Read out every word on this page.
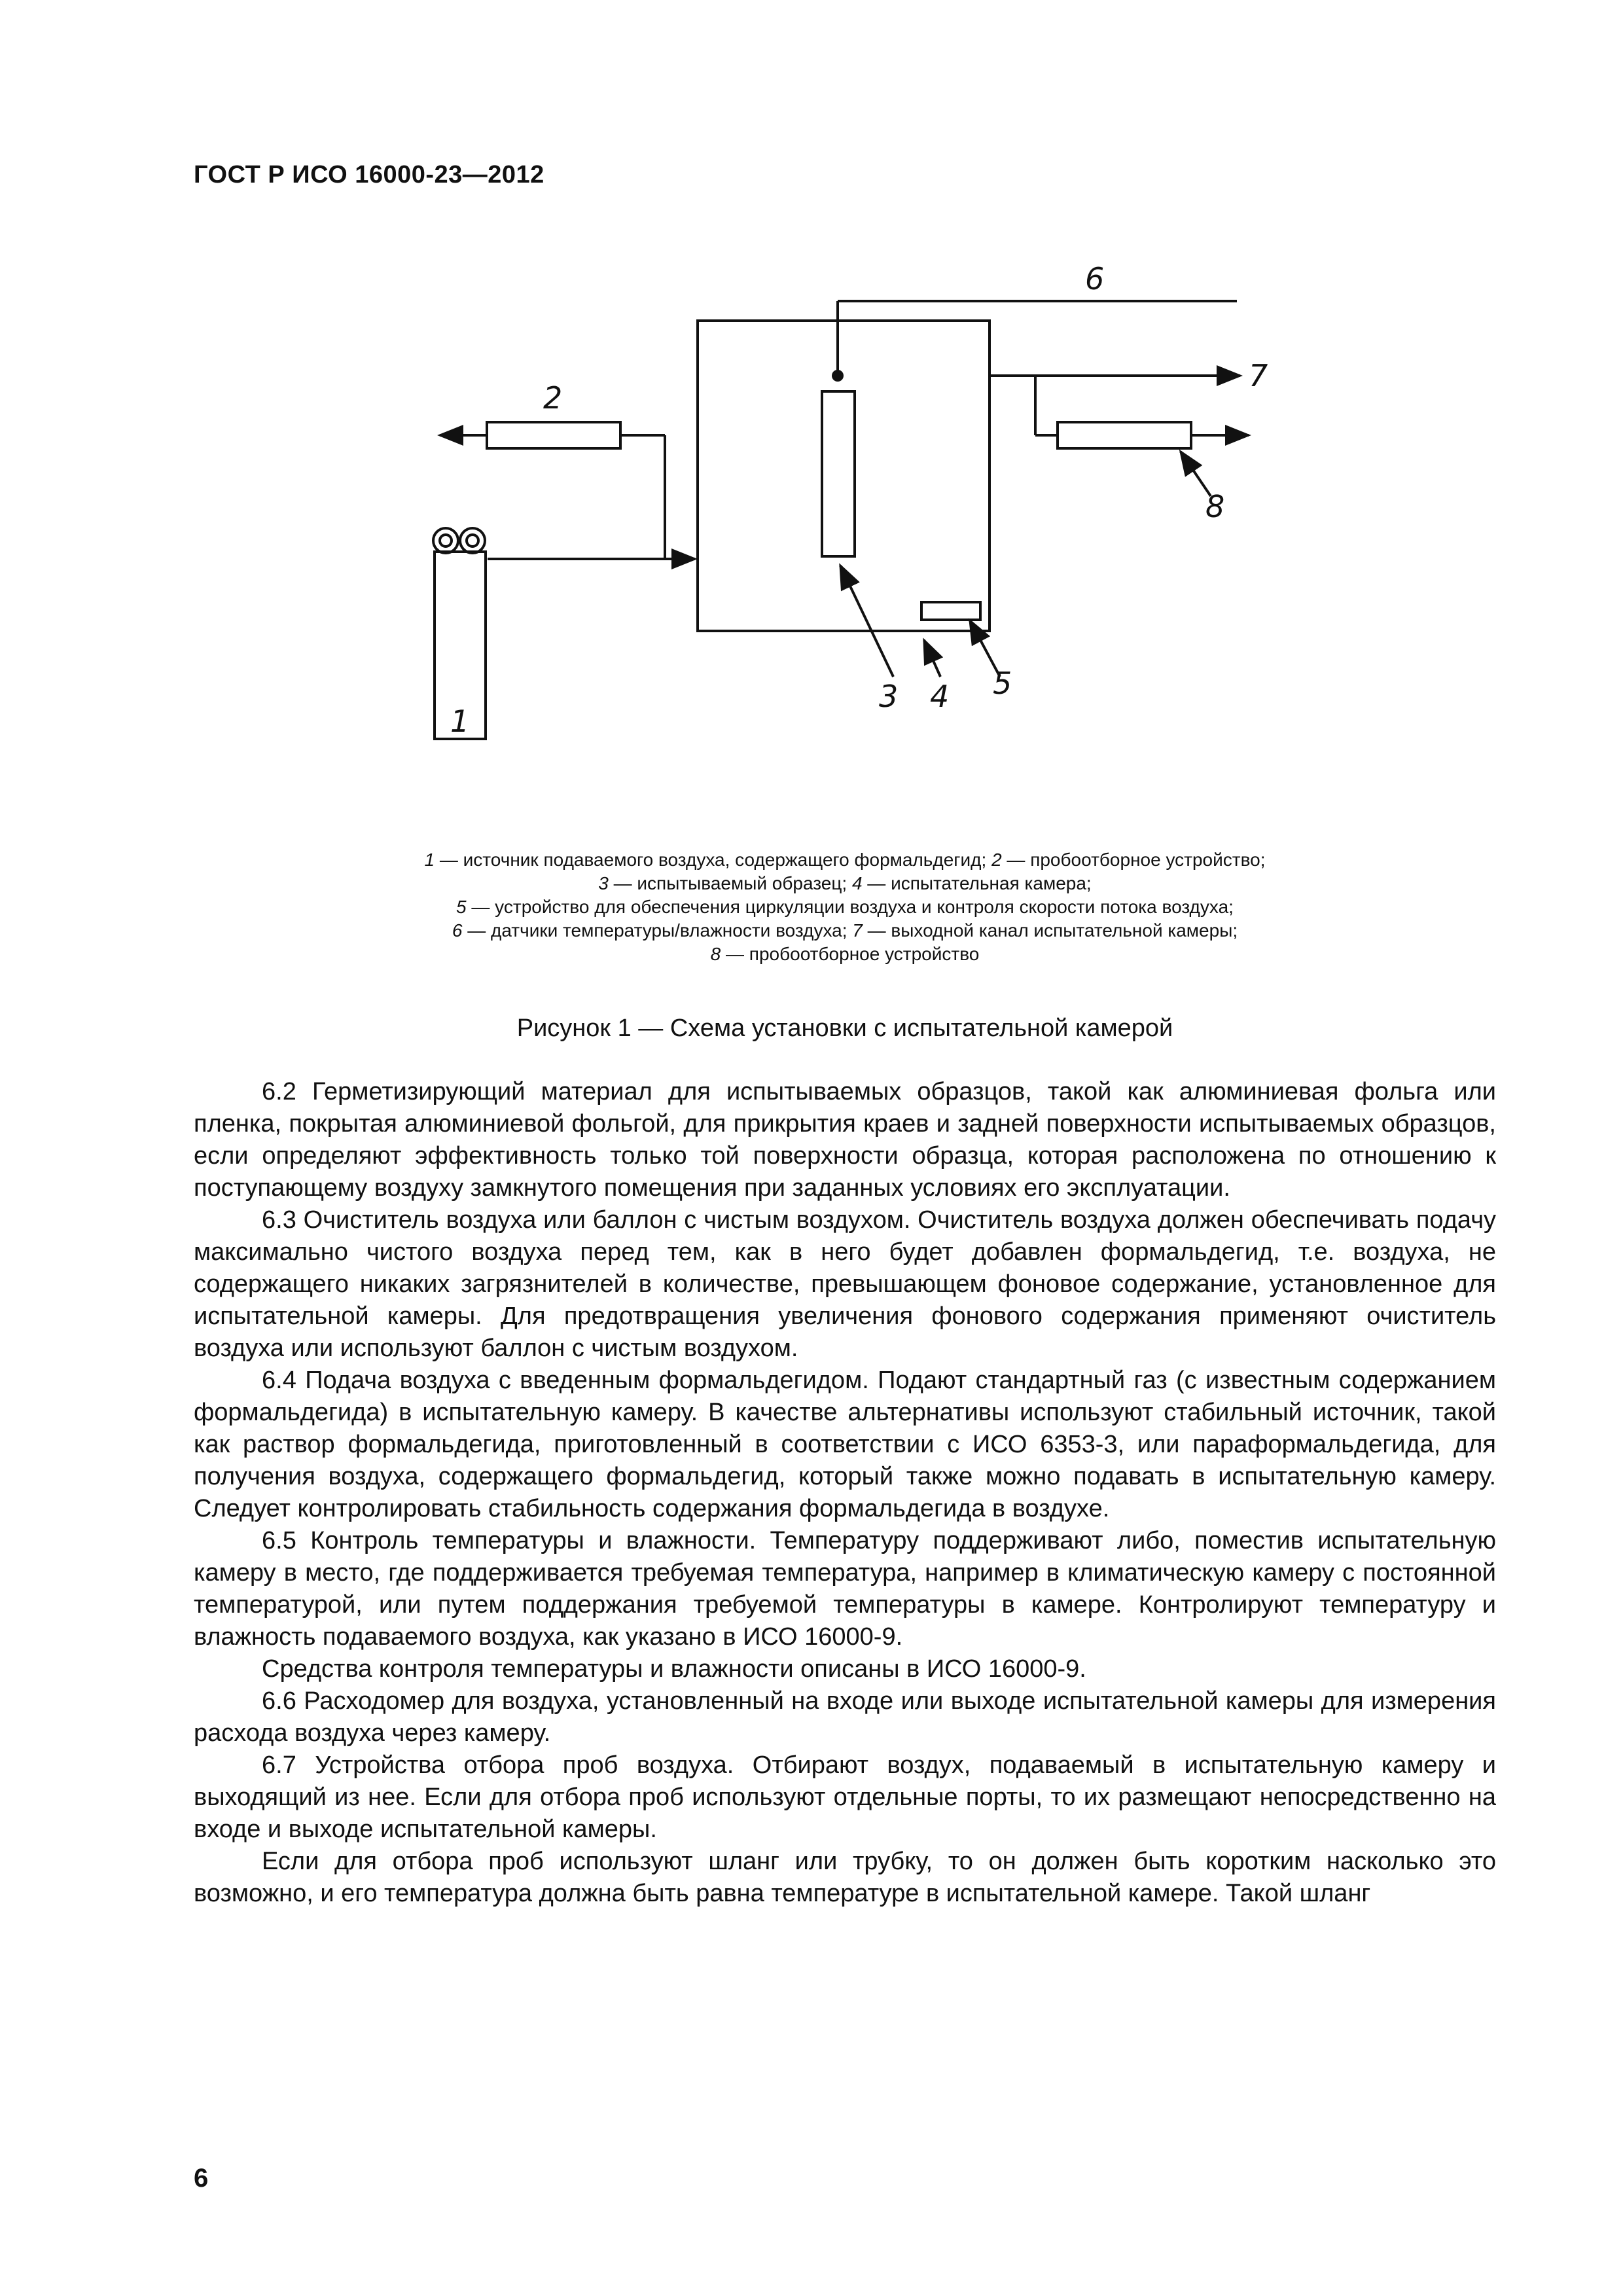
ГОСТ Р ИСО 16000-23—2012
6
7
2
8
3 4 5
1
1 — источник подаваемого воздуха, содержащего формальдегид; 2 — пробоотборное устройство;
3 — испытываемый образец; 4 — испытательная камера;
5 — устройство для обеспечения циркуляции воздуха и контроля скорости потока воздуха;
6 — датчики температуры/влажности воздуха; 7 — выходной канал испытательной камеры;
8 — пробоотборное устройство
Рисунок 1 — Схема установки с испытательной камерой

6.2 Герметизирующий материал для испытываемых образцов, такой как алюминиевая фольга или пленка, покрытая алюминиевой фольгой, для прикрытия краев и задней поверхности испытываемых образцов, если определяют эффективность только той поверхности образца, которая расположена по отношению к поступающему воздуху замкнутого помещения при заданных условиях его эксплуатации.

6.3 Очиститель воздуха или баллон с чистым воздухом. Очиститель воздуха должен обеспечивать подачу максимально чистого воздуха перед тем, как в него будет добавлен формальдегид, т.е. воздуха, не содержащего никаких загрязнителей в количестве, превышающем фоновое содержание, установленное для испытательной камеры. Для предотвращения увеличения фонового содержания применяют очиститель воздуха или используют баллон с чистым воздухом.

6.4 Подача воздуха с введенным формальдегидом. Подают стандартный газ (с известным содержанием формальдегида) в испытательную камеру. В качестве альтернативы используют стабильный источник, такой как раствор формальдегида, приготовленный в соответствии с ИСО 6353-3, или параформальдегида, для получения воздуха, содержащего формальдегид, который также можно подавать в испытательную камеру. Следует контролировать стабильность содержания формальдегида в воздухе.

6.5 Контроль температуры и влажности. Температуру поддерживают либо, поместив испытательную камеру в место, где поддерживается требуемая температура, например в климатическую камеру с постоянной температурой, или путем поддержания требуемой температуры в камере. Контролируют температуру и влажность подаваемого воздуха, как указано в ИСО 16000-9.

Средства контроля температуры и влажности описаны в ИСО 16000-9.

6.6 Расходомер для воздуха, установленный на входе или выходе испытательной камеры для измерения расхода воздуха через камеру.

6.7 Устройства отбора проб воздуха. Отбирают воздух, подаваемый в испытательную камеру и выходящий из нее. Если для отбора проб используют отдельные порты, то их размещают непосредственно на входе и выходе испытательной камеры.

Если для отбора проб используют шланг или трубку, то он должен быть коротким насколько это возможно, и его температура должна быть равна температуре в испытательной камере. Такой шланг

6
